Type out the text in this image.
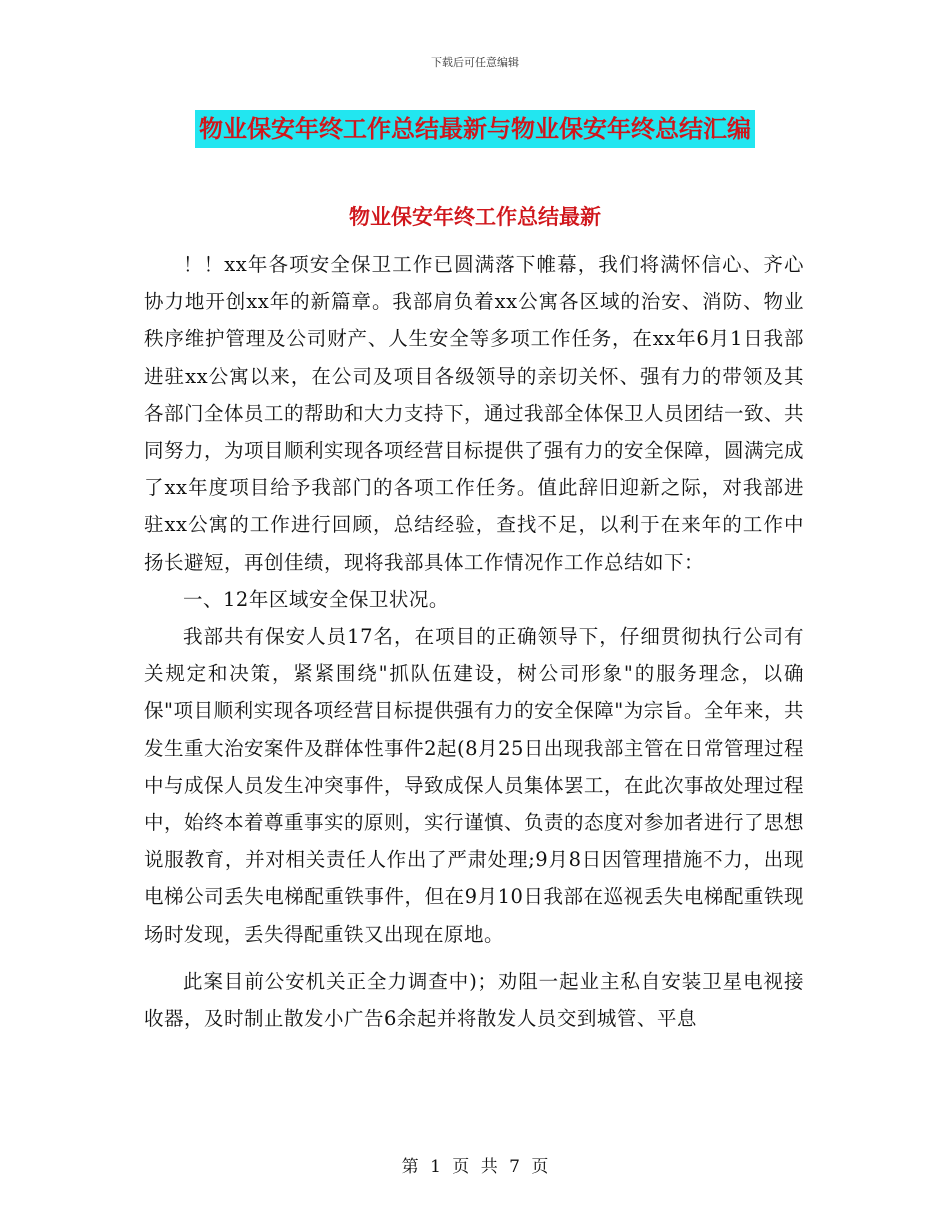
下载后可任意编辑
物业保安年终工作总结最新与物业保安年终总结汇编
物业保安年终工作总结最新

！！xx年各项安全保卫工作已圆满落下帷幕，我们将满怀信心、齐心协力地开创xx年的新篇章。我部肩负着xx公寓各区域的治安、消防、物业秩序维护管理及公司财产、人生安全等多项工作任务，在xx年6月1日我部进驻xx公寓以来，在公司及项目各级领导的亲切关怀、强有力的带领及其各部门全体员工的帮助和大力支持下，通过我部全体保卫人员团结一致、共同努力，为项目顺利实现各项经营目标提供了强有力的安全保障，圆满完成了xx年度项目给予我部门的各项工作任务。值此辞旧迎新之际，对我部进驻xx公寓的工作进行回顾，总结经验，查找不足，以利于在来年的工作中扬长避短，再创佳绩，现将我部具体工作情况作工作总结如下：

一、12年区域安全保卫状况。

我部共有保安人员17名，在项目的正确领导下，仔细贯彻执行公司有关规定和决策，紧紧围绕"抓队伍建设，树公司形象"的服务理念，以确保"项目顺利实现各项经营目标提供强有力的安全保障"为宗旨。全年来，共发生重大治安案件及群体性事件2起(8月25日出现我部主管在日常管理过程中与成保人员发生冲突事件，导致成保人员集体罢工，在此次事故处理过程中，始终本着尊重事实的原则，实行谨慎、负责的态度对参加者进行了思想说服教育，并对相关责任人作出了严肃处理;9月8日因管理措施不力，出现电梯公司丢失电梯配重铁事件，但在9月10日我部在巡视丢失电梯配重铁现场时发现，丢失得配重铁又出现在原地。

此案目前公安机关正全力调查中)；劝阻一起业主私自安装卫星电视接收器，及时制止散发小广告6余起并将散发人员交到城管、平息

第 1 页 共 7 页
